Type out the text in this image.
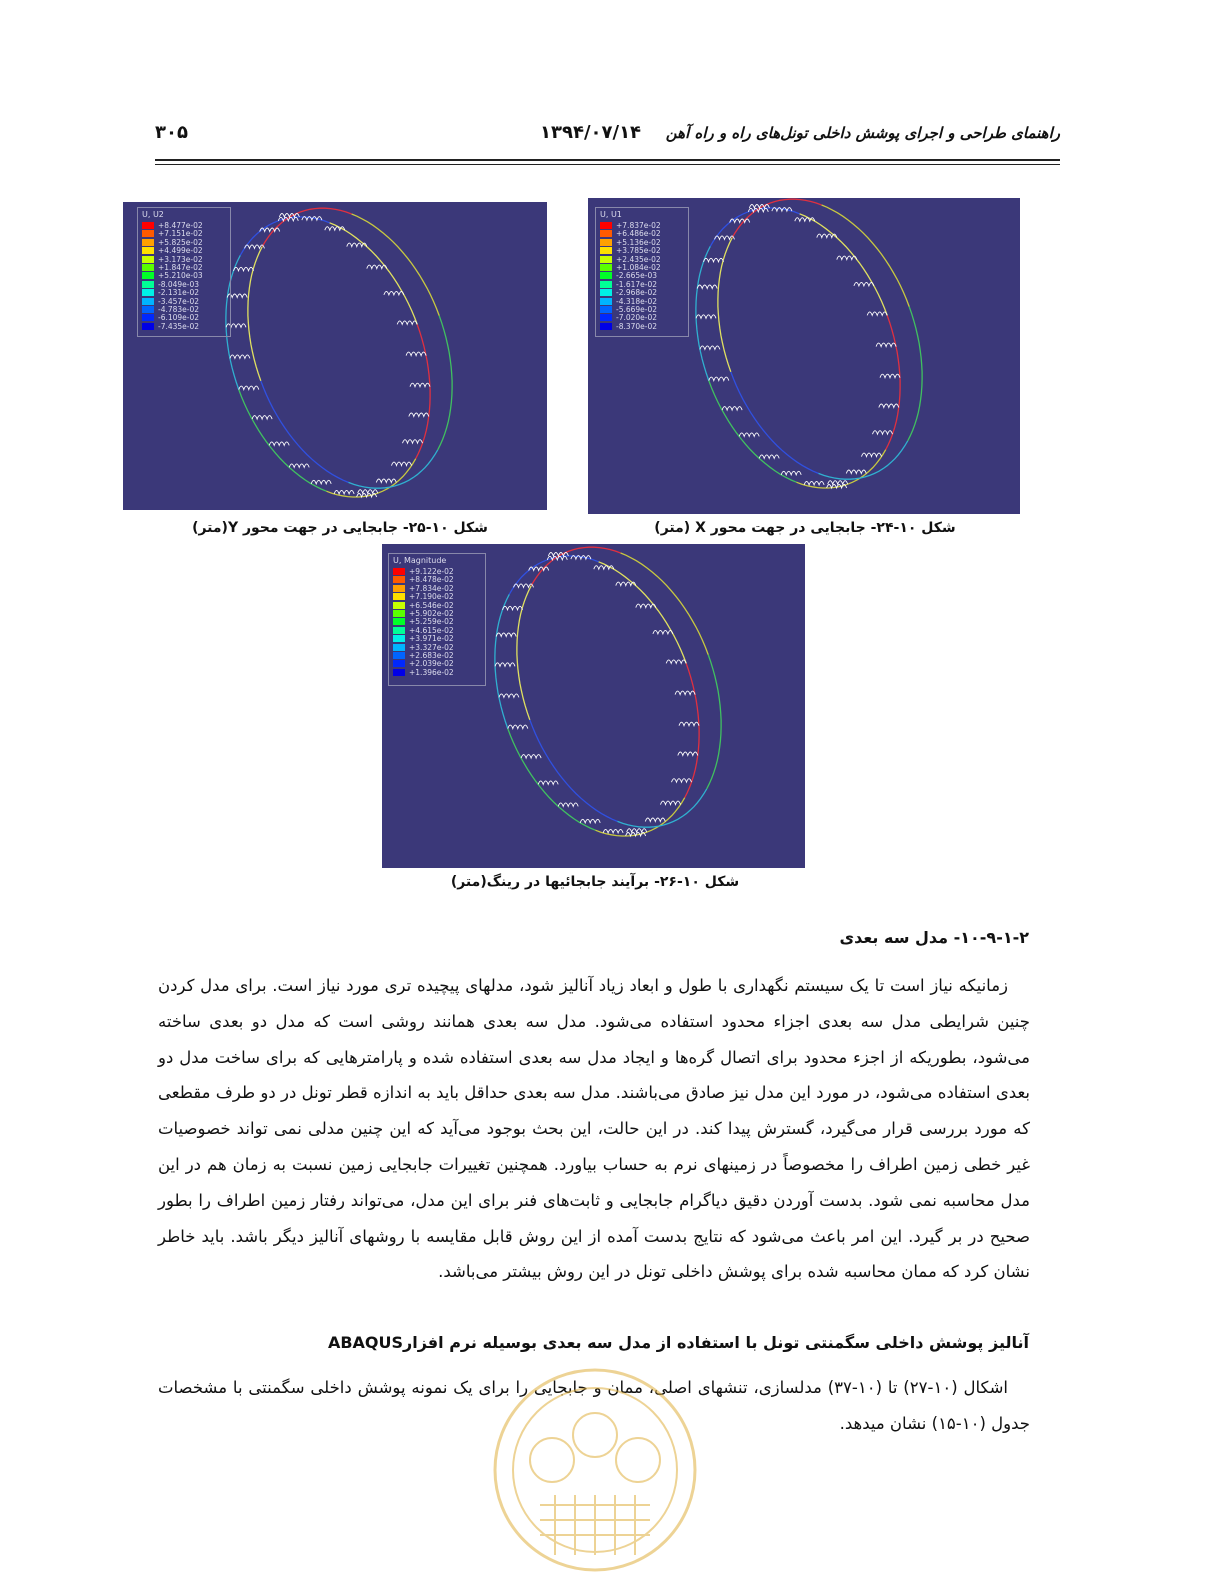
راهنمای طراحی و اجرای پوشش داخلی تونل‌های راه و راه آهن
۱۳۹۴/۰۷/۱۴
۳۰۵
U, U2
+8.477e-02
+7.151e-02
+5.825e-02
+4.499e-02
+3.173e-02
+1.847e-02
+5.210e-03
-8.049e-03
-2.131e-02
-3.457e-02
-4.783e-02
-6.109e-02
-7.435e-02
شکل ۱۰-۲۵- جابجایی در جهت محور Y(متر)
U, U1
+7.837e-02
+6.486e-02
+5.136e-02
+3.785e-02
+2.435e-02
+1.084e-02
-2.665e-03
-1.617e-02
-2.968e-02
-4.318e-02
-5.669e-02
-7.020e-02
-8.370e-02
شکل ۱۰-۲۴- جابجایی در جهت محور X (متر)
U, Magnitude
+9.122e-02
+8.478e-02
+7.834e-02
+7.190e-02
+6.546e-02
+5.902e-02
+5.259e-02
+4.615e-02
+3.971e-02
+3.327e-02
+2.683e-02
+2.039e-02
+1.396e-02
شکل ۱۰-۲۶- برآیند جابجائیها در رینگ(متر)
۱۰-۹-۱-۲- مدل سه بعدی

زمانیکه نیاز است تا یک سیستم نگهداری با طول و ابعاد زیاد آنالیز شود، مدلهای پیچیده تری مورد نیاز است. برای مدل کردن چنین شرایطی مدل سه بعدی اجزاء محدود استفاده می‌شود. مدل سه بعدی همانند روشی است که مدل دو بعدی ساخته می‌شود، بطوریکه از اجزء محدود برای اتصال گره‌ها و ایجاد مدل سه بعدی استفاده شده و پارامترهایی که برای ساخت مدل دو بعدی استفاده می‌شود، در مورد این مدل نیز صادق می‌باشند. مدل سه بعدی حداقل باید به اندازه قطر تونل در دو طرف مقطعی که مورد بررسی قرار می‌گیرد، گسترش پیدا کند. در این حالت، این بحث بوجود می‌آید که این چنین مدلی نمی تواند خصوصیات غیر خطی زمین اطراف را مخصوصاً در زمینهای نرم به حساب بیاورد. همچنین تغییرات جابجایی زمین نسبت به زمان هم در این مدل محاسبه نمی شود. بدست آوردن دقیق دیاگرام جابجایی و ثابت‌های فنر برای این مدل، می‌تواند رفتار زمین اطراف را بطور صحیح در بر گیرد. این امر باعث می‌شود که نتایج بدست آمده از این روش قابل مقایسه با روشهای آنالیز دیگر باشد. باید خاطر نشان کرد که ممان محاسبه شده برای پوشش داخلی تونل در این روش بیشتر می‌باشد.

آنالیز پوشش داخلی سگمنتی تونل با استفاده از مدل سه بعدی بوسیله نرم افزارABAQUS

اشکال (۱۰-۲۷) تا (۱۰-۳۷) مدلسازی، تنشهای اصلی، ممان و جابجایی را برای یک نمونه پوشش داخلی سگمنتی با مشخصات جدول (۱۰-۱۵) نشان میدهد.
